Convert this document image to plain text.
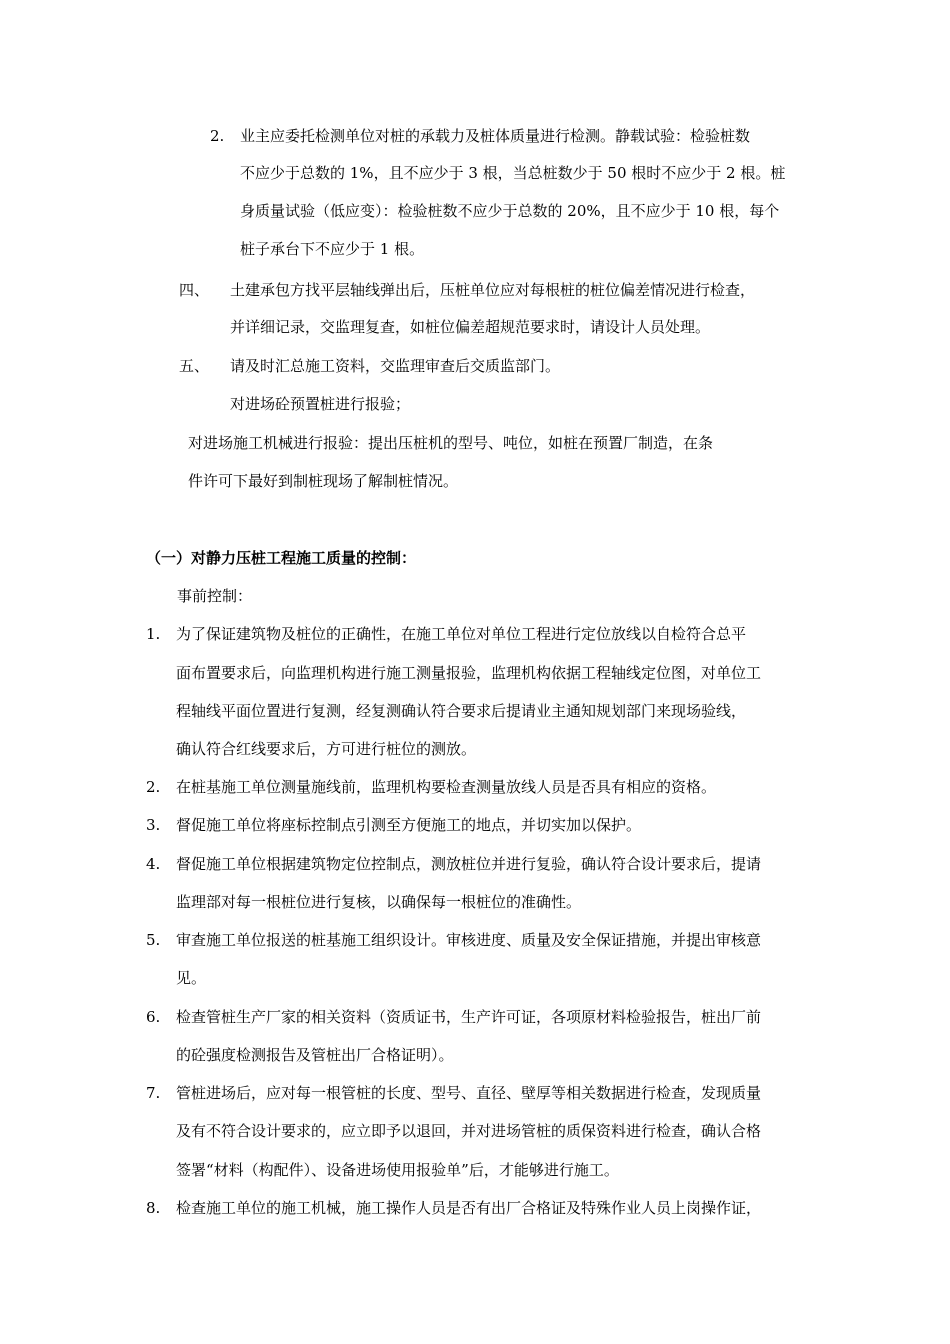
2. 业主应委托检测单位对桩的承载力及桩体质量进行检测。静载试验：检验桩数
不应少于总数的 1%，且不应少于 3 根，当总桩数少于 50 根时不应少于 2 根。桩
身质量试验（低应变）：检验桩数不应少于总数的 20%，且不应少于 10 根，每个
桩子承台下不应少于 1 根。
四、 土建承包方找平层轴线弹出后，压桩单位应对每根桩的桩位偏差情况进行检查，
并详细记录，交监理复查，如桩位偏差超规范要求时，请设计人员处理。
五、 请及时汇总施工资料，交监理审查后交质监部门。
对进场砼预置桩进行报验；
对进场施工机械进行报验：提出压桩机的型号、吨位，如桩在预置厂制造，在条
件许可下最好到制桩现场了解制桩情况。
（一）对静力压桩工程施工质量的控制：
事前控制：
1. 为了保证建筑物及桩位的正确性，在施工单位对单位工程进行定位放线以自检符合总平
面布置要求后，向监理机构进行施工测量报验，监理机构依据工程轴线定位图，对单位工
程轴线平面位置进行复测，经复测确认符合要求后提请业主通知规划部门来现场验线，
确认符合红线要求后，方可进行桩位的测放。
2. 在桩基施工单位测量施线前，监理机构要检查测量放线人员是否具有相应的资格。
3. 督促施工单位将座标控制点引测至方便施工的地点，并切实加以保护。
4. 督促施工单位根据建筑物定位控制点，测放桩位并进行复验，确认符合设计要求后，提请
监理部对每一根桩位进行复核，以确保每一根桩位的准确性。
5. 审查施工单位报送的桩基施工组织设计。审核进度、质量及安全保证措施，并提出审核意
见。
6. 检查管桩生产厂家的相关资料（资质证书，生产许可证，各项原材料检验报告，桩出厂前
的砼强度检测报告及管桩出厂合格证明）。
7. 管桩进场后，应对每一根管桩的长度、型号、直径、壁厚等相关数据进行检查，发现质量
及有不符合设计要求的，应立即予以退回，并对进场管桩的质保资料进行检查，确认合格
签署“材料（构配件）、设备进场使用报验单”后，才能够进行施工。
8. 检查施工单位的施工机械，施工操作人员是否有出厂合格证及特殊作业人员上岗操作证，
